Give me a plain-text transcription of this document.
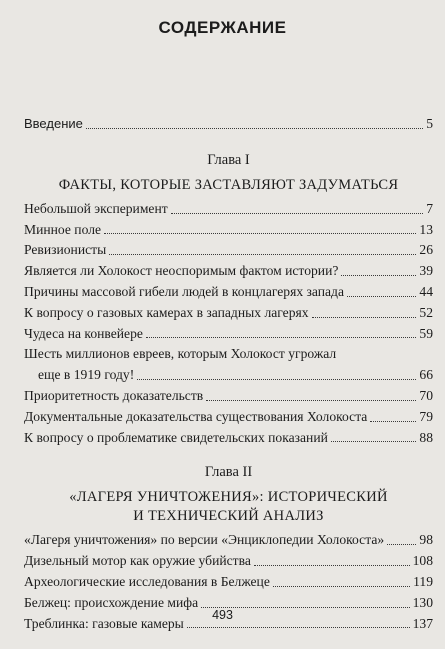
СОДЕРЖАНИЕ
Введение	5
Глава I
ФАКТЫ, КОТОРЫЕ ЗАСТАВЛЯЮТ ЗАДУМАТЬСЯ
Небольшой эксперимент	7
Минное поле	13
Ревизионисты	26
Является ли Холокост неоспоримым фактом истории?	39
Причины массовой гибели людей в концлагерях запада	44
К вопросу о газовых камерах в западных лагерях	52
Чудеса на конвейере	59
Шесть миллионов евреев, которым Холокост угрожал
еще в 1919 году!	66
Приоритетность доказательств	70
Документальные доказательства существования Холокоста	79
К вопросу о проблематике свидетельских показаний	88
Глава II
«ЛАГЕРЯ УНИЧТОЖЕНИЯ»: ИСТОРИЧЕСКИЙ
И ТЕХНИЧЕСКИЙ АНАЛИЗ
«Лагеря уничтожения» по версии «Энциклопедии Холокоста»	98
Дизельный мотор как оружие убийства	108
Археологические исследования в Белжеце	119
Белжец: происхождение мифа	130
Треблинка: газовые камеры	137
493
